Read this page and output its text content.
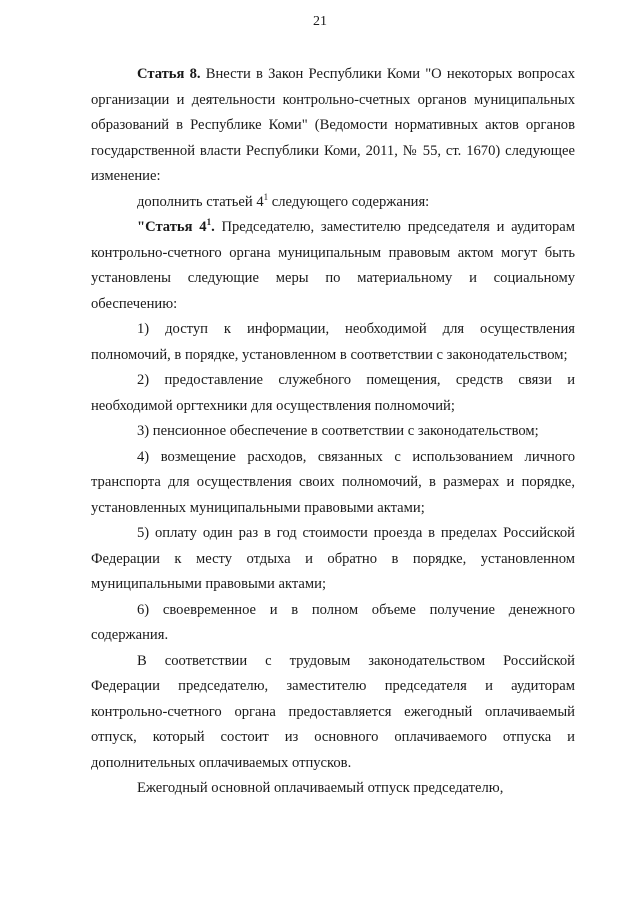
21

Статья 8. Внести в Закон Республики Коми "О некоторых вопросах организации и деятельности контрольно-счетных органов муниципальных образований в Республике Коми" (Ведомости нормативных актов органов государственной власти Республики Коми, 2011, № 55, ст. 1670) следующее изменение:

дополнить статьей $4^1$ следующего содержания:

"Статья $4^1$. Председателю, заместителю председателя и аудиторам контрольно-счетного органа муниципальным правовым актом могут быть установлены следующие меры по материальному и социальному обеспечению:

1) доступ к информации, необходимой для осуществления полномочий, в порядке, установленном в соответствии с законодательством;

2) предоставление служебного помещения, средств связи и необходимой оргтехники для осуществления полномочий;

3) пенсионное обеспечение в соответствии с законодательством;

4) возмещение расходов, связанных с использованием личного транспорта для осуществления своих полномочий, в размерах и порядке, установленных муниципальными правовыми актами;

5) оплату один раз в год стоимости проезда в пределах Российской Федерации к месту отдыха и обратно в порядке, установленном муниципальными правовыми актами;

6) своевременное и в полном объеме получение денежного содержания.

В соответствии с трудовым законодательством Российской Федерации председателю, заместителю председателя и аудиторам контрольно-счетного органа предоставляется ежегодный оплачиваемый отпуск, который состоит из основного оплачиваемого отпуска и дополнительных оплачиваемых отпусков.

Ежегодный основной оплачиваемый отпуск председателю,
